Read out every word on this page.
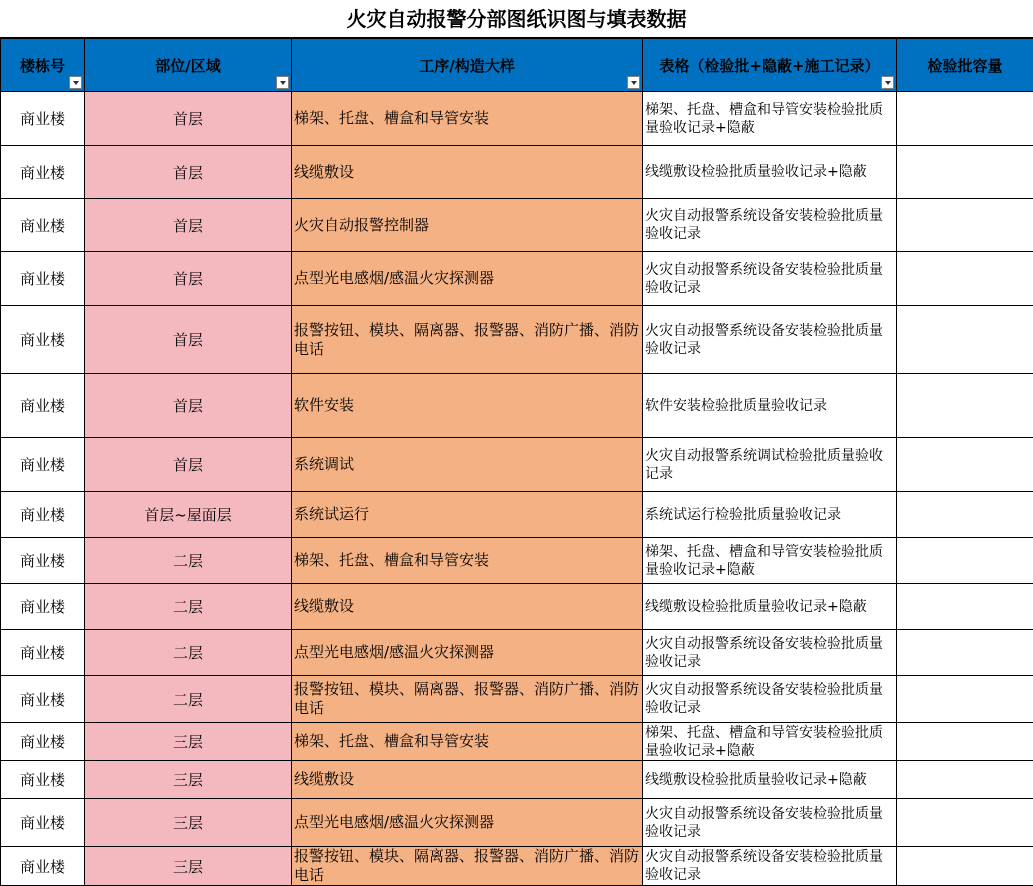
火灾自动报警分部图纸识图与填表数据
楼栋号	部位/区域	工序/构造大样	表格（检验批+隐蔽+施工记录）	检验批容量
商业楼	首层	梯架、托盘、槽盒和导管安装	梯架、托盘、槽盒和导管安装检验批质量验收记录+隐蔽	
商业楼	首层	线缆敷设	线缆敷设检验批质量验收记录+隐蔽	
商业楼	首层	火灾自动报警控制器	火灾自动报警系统设备安装检验批质量验收记录	
商业楼	首层	点型光电感烟/感温火灾探测器	火灾自动报警系统设备安装检验批质量验收记录	
商业楼	首层	报警按钮、模块、隔离器、报警器、消防广播、消防电话	火灾自动报警系统设备安装检验批质量验收记录	
商业楼	首层	软件安装	软件安装检验批质量验收记录	
商业楼	首层	系统调试	火灾自动报警系统调试检验批质量验收记录	
商业楼	首层~屋面层	系统试运行	系统试运行检验批质量验收记录	
商业楼	二层	梯架、托盘、槽盒和导管安装	梯架、托盘、槽盒和导管安装检验批质量验收记录+隐蔽	
商业楼	二层	线缆敷设	线缆敷设检验批质量验收记录+隐蔽	
商业楼	二层	点型光电感烟/感温火灾探测器	火灾自动报警系统设备安装检验批质量验收记录	
商业楼	二层	报警按钮、模块、隔离器、报警器、消防广播、消防电话	火灾自动报警系统设备安装检验批质量验收记录	
商业楼	三层	梯架、托盘、槽盒和导管安装	梯架、托盘、槽盒和导管安装检验批质量验收记录+隐蔽	
商业楼	三层	线缆敷设	线缆敷设检验批质量验收记录+隐蔽	
商业楼	三层	点型光电感烟/感温火灾探测器	火灾自动报警系统设备安装检验批质量验收记录	
商业楼	三层	报警按钮、模块、隔离器、报警器、消防广播、消防电话	火灾自动报警系统设备安装检验批质量验收记录	
